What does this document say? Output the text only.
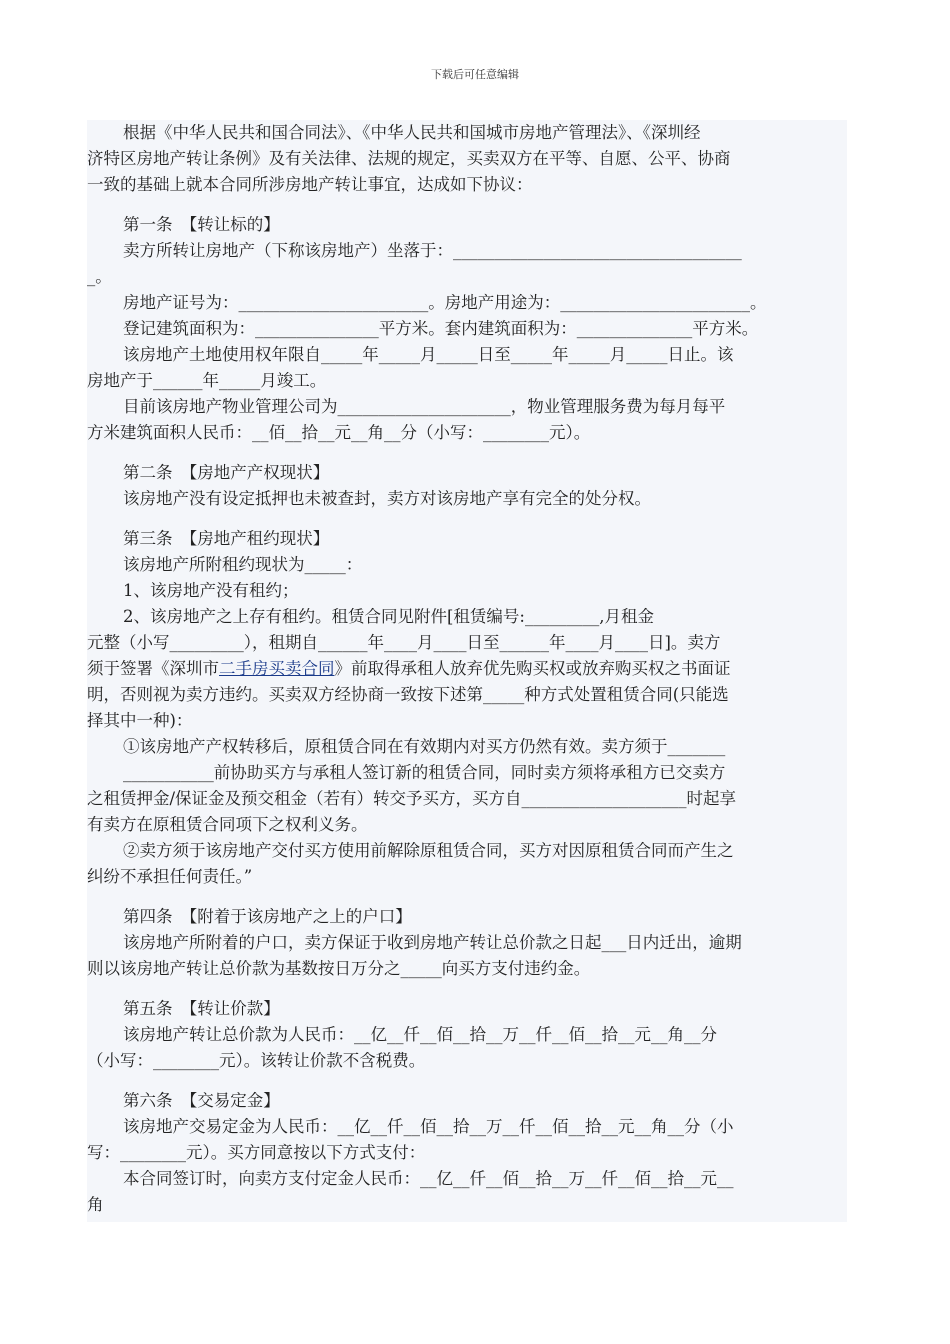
下载后可任意编辑

根据《中华人民共和国合同法》、《中华人民共和国城市房地产管理法》、《深圳经

济特区房地产转让条例》及有关法律、法规的规定，买卖双方在平等、自愿、公平、协商

一致的基础上就本合同所涉房地产转让事宜，达成如下协议：

第一条　【转让标的】

卖方所转让房地产（下称该房地产）坐落于：___________________________________

_。

房地产证号为：_______________________。房地产用途为：_______________________。

登记建筑面积为：_______________平方米。套内建筑面积为：______________平方米。

该房地产土地使用权年限自_____年_____月_____日至_____年_____月_____日止。该

房地产于______年_____月竣工。

目前该房地产物业管理公司为_____________________，物业管理服务费为每月每平

方米建筑面积人民币：__佰__拾__元__角__分（小写：________元）。

第二条　【房地产产权现状】

该房地产没有设定抵押也未被查封，卖方对该房地产享有完全的处分权。

第三条　【房地产租约现状】

该房地产所附租约现状为_____：

1、该房地产没有租约；

2、该房地产之上存有租约。租赁合同见附件[租赁编号:_________,月租金

元整（小写_________），租期自______年____月____日至______年____月____日]。卖方

须于签署《深圳市二手房买卖合同》前取得承租人放弃优先购买权或放弃购买权之书面证

明，否则视为卖方违约。买卖双方经协商一致按下述第_____种方式处置租赁合同(只能选

择其中一种)：

①该房地产产权转移后，原租赁合同在有效期内对买方仍然有效。卖方须于_______

___________前协助买方与承租人签订新的租赁合同，同时卖方须将承租方已交卖方

之租赁押金/保证金及预交租金（若有）转交予买方，买方自____________________时起享

有卖方在原租赁合同项下之权利义务。

②卖方须于该房地产交付买方使用前解除原租赁合同，买方对因原租赁合同而产生之

纠纷不承担任何责任。”

第四条　【附着于该房地产之上的户口】

该房地产所附着的户口，卖方保证于收到房地产转让总价款之日起___日内迁出，逾期

则以该房地产转让总价款为基数按日万分之_____向买方支付违约金。

第五条　【转让价款】

该房地产转让总价款为人民币：__亿__仟__佰__拾__万__仟__佰__拾__元__角__分

（小写：________元）。该转让价款不含税费。

第六条　【交易定金】

该房地产交易定金为人民币：__亿__仟__佰__拾__万__仟__佰__拾__元__角__分（小

写：________元）。买方同意按以下方式支付：

本合同签订时，向卖方支付定金人民币：__亿__仟__佰__拾__万__仟__佰__拾__元__

角
